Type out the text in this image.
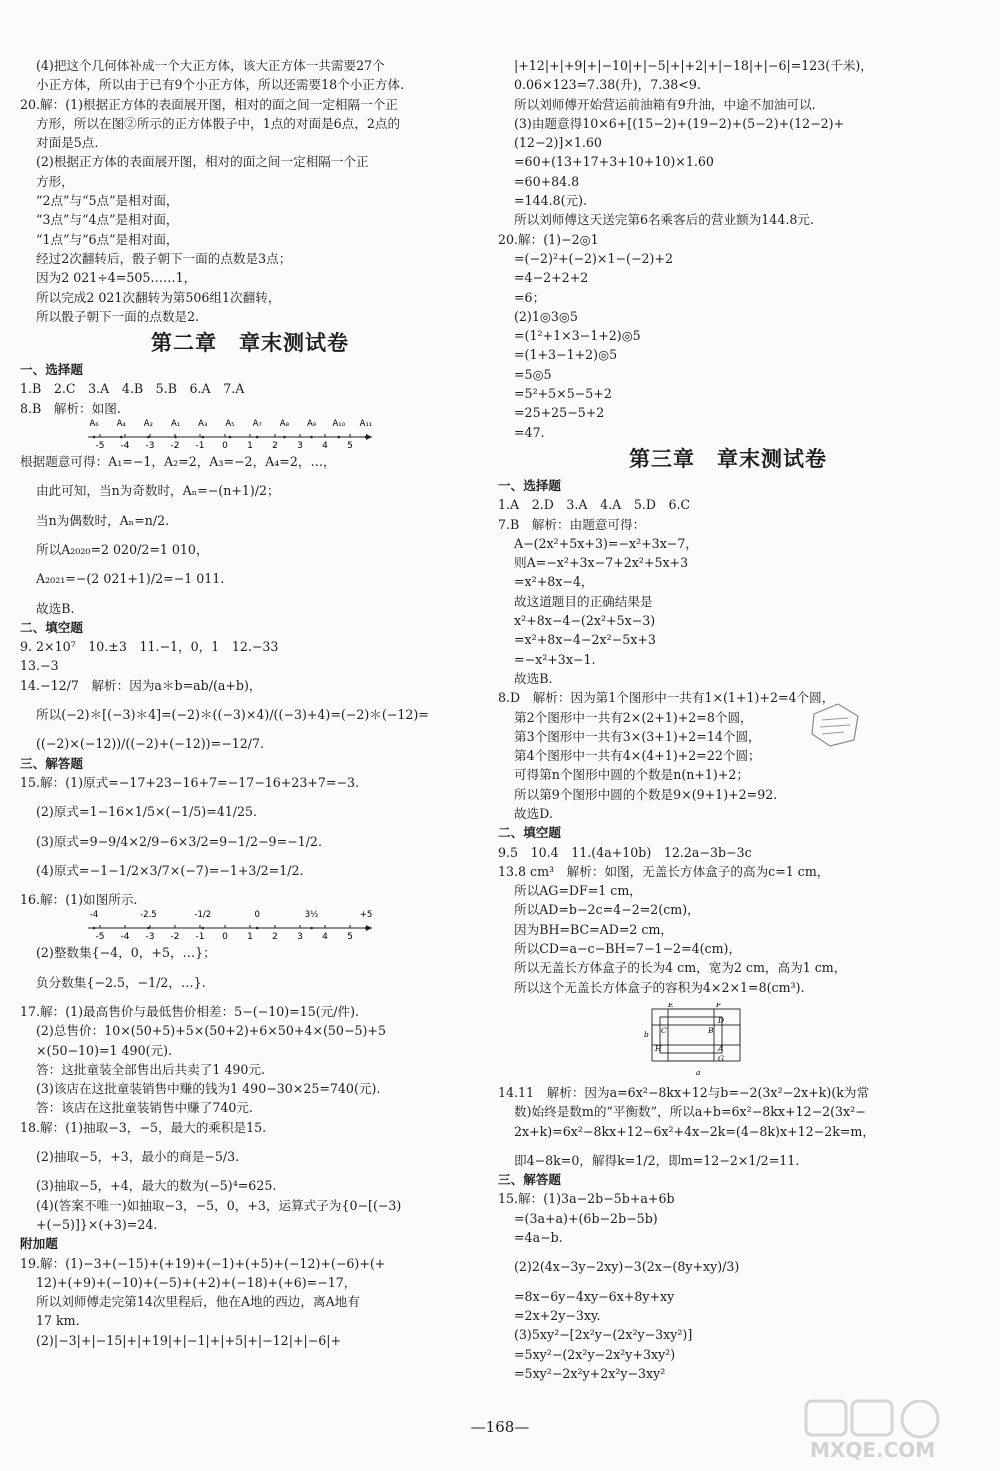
(4)把这个几何体补成一个大正方体，该大正方体一共需要27个
小正方体，所以由于已有9个小正方体，所以还需要18个小正方体.
20.解：(1)根据正方体的表面展开图，相对的面之间一定相隔一个正
方形，所以在图②所示的正方体骰子中，1点的对面是6点，2点的
对面是5点.
(2)根据正方体的表面展开图，相对的面之间一定相隔一个正
方形，
“2点”与“5点”是相对面，
“3点”与“4点”是相对面，
“1点”与“6点”是相对面，
经过2次翻转后，骰子朝下一面的点数是3点；
因为2 021÷4=505……1，
所以完成2 021次翻转为第506组1次翻转，
所以骰子朝下一面的点数是2.
第二章　章末测试卷
一、选择题
1.B　2.C　3.A　4.B　5.B　6.A　7.A
8.B　解析：如图.
-5 -4 -3 -2 -1 0 1 2 3 4 5
A₆ A₄ A₂ A₁ A₃ A₅ A₇ A₈ A₉ A₁₀ A₁₁
根据题意可得：A₁=−1，A₂=2，A₃=−2，A₄=2，…，
由此可知，当n为奇数时，Aₙ=−(n+1)/2；
当n为偶数时，Aₙ=n/2.
所以A₂₀₂₀=2 020/2=1 010，
A₂₀₂₁=−(2 021+1)/2=−1 011.
故选B.
二、填空题
9. 2×10⁷　10.±3　11.−1，0，1　12.−33
13.−3
14.−12/7　解析：因为a＊b=ab/(a+b)，
所以(−2)＊[(−3)＊4]=(−2)＊((−3)×4)/((−3)+4)=(−2)＊(−12)=
((−2)×(−12))/((−2)+(−12))=−12/7.
三、解答题
15.解：(1)原式=−17+23−16+7=−17−16+23+7=−3.
(2)原式=1−16×1/5×(−1/5)=41/25.
(3)原式=9−9/4×2/9−6×3/2=9−1/2−9=−1/2.
(4)原式=−1−1/2×3/7×(−7)=−1+3/2=1/2.
16.解：(1)如图所示.
-5 -4 -3 -2 -1 0 1 2 3 4 5
-4	-2.5	-1/2	0	3½	+5
(2)整数集{−4，0，+5，…}；
负分数集{−2.5，−1/2，…}.
17.解：(1)最高售价与最低售价相差：5−(−10)=15(元/件).
(2)总售价：10×(50+5)+5×(50+2)+6×50+4×(50−5)+5
×(50−10)=1 490(元).
答：这批童装全部售出后共卖了1 490元.
(3)该店在这批童装销售中赚的钱为1 490−30×25=740(元).
答：该店在这批童装销售中赚了740元.
18.解：(1)抽取−3，−5，最大的乘积是15.
(2)抽取−5，+3，最小的商是−5/3.
(3)抽取−5，+4，最大的数为(−5)⁴=625.
(4)(答案不唯一)如抽取−3，−5，0，+3，运算式子为{0−[(−3)
+(−5)]}×(+3)=24.
附加题
19.解：(1)−3+(−15)+(+19)+(−1)+(+5)+(−12)+(−6)+(+
12)+(+9)+(−10)+(−5)+(+2)+(−18)+(+6)=−17，
所以刘师傅走完第14次里程后，他在A地的西边，离A地有
17 km.
(2)|−3|+|−15|+|+19|+|−1|+|+5|+|−12|+|−6|+
|+12|+|+9|+|−10|+|−5|+|+2|+|−18|+|−6|=123(千米)，
0.06×123=7.38(升)，7.38<9.
所以刘师傅开始营运前油箱有9升油，中途不加油可以.
(3)由题意得10×6+[(15−2)+(19−2)+(5−2)+(12−2)+
(12−2)]×1.60
=60+(13+17+3+10+10)×1.60
=60+84.8
=144.8(元).
所以刘师傅这天送完第6名乘客后的营业额为144.8元.
20.解：(1)−2◎1
=(−2)²+(−2)×1−(−2)+2
=4−2+2+2
=6；
(2)1◎3◎5
=(1²+1×3−1+2)◎5
=(1+3−1+2)◎5
=5◎5
=5²+5×5−5+2
=25+25−5+2
=47.
第三章　章末测试卷
一、选择题
1.A　2.D　3.A　4.A　5.D　6.C
7.B　解析：由题意可得：
A−(2x²+5x+3)=−x²+3x−7，
则A=−x²+3x−7+2x²+5x+3
=x²+8x−4，
故这道题目的正确结果是
x²+8x−4−(2x²+5x−3)
=x²+8x−4−2x²−5x+3
=−x²+3x−1.
故选B.
8.D　解析：因为第1个图形中一共有1×(1+1)+2=4个圆，
第2个图形中一共有2×(2+1)+2=8个圆，
第3个图形中一共有3×(3+1)+2=14个圆，
第4个图形中一共有4×(4+1)+2=22个圆；
可得第n个图形中圆的个数是n(n+1)+2；
所以第9个图形中圆的个数是9×(9+1)+2=92.
故选D.
二、填空题
9.5　10.4　11.(4a+10b)　12.2a−3b−3c
13.8 cm³　解析：如图，无盖长方体盒子的高为c=1 cm，
所以AG=DF=1 cm，
所以AD=b−2c=4−2=2(cm)，
因为BH=BC=AD=2 cm，
所以CD=a−c−BH=7−1−2=4(cm)，
所以无盖长方体盒子的长为4 cm，宽为2 cm，高为1 cm，
所以这个无盖长方体盒子的容积为4×2×1=8(cm³).
E	F
C	B
H	A
D
G
a
b
14.11　解析：因为a=6x²−8kx+12与b=−2(3x²−2x+k)(k为常
数)始终是数m的“平衡数”，所以a+b=6x²−8kx+12−2(3x²−
2x+k)=6x²−8kx+12−6x²+4x−2k=(4−8k)x+12−2k=m，
即4−8k=0，解得k=1/2，即m=12−2×1/2=11.
三、解答题
15.解：(1)3a−2b−5b+a+6b
=(3a+a)+(6b−2b−5b)
=4a−b.
(2)2(4x−3y−2xy)−3(2x−(8y+xy)/3)
=8x−6y−4xy−6x+8y+xy
=2x+2y−3xy.
(3)5xy²−[2x²y−(2x²y−3xy²)]
=5xy²−(2x²y−2x²y+3xy²)
=5xy²−2x²y+2x²y−3xy²
—168—
MXQE.COM
